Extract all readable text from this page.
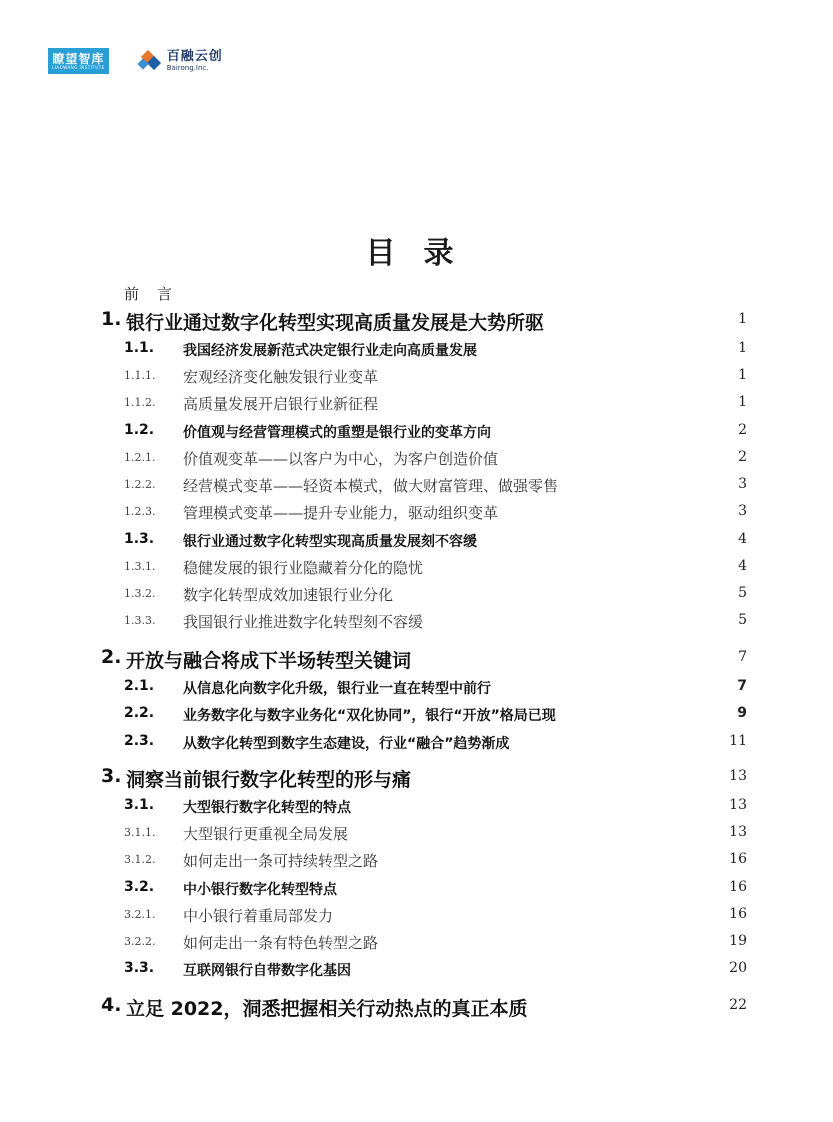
瞭望智库
LIAOWANG INSTITUTE
百融云创
Bairong.Inc.
目录
前言
1. 银行业通过数字化转型实现高质量发展是大势所驱	1
1.1. 我国经济发展新范式决定银行业走向高质量发展	1
1.1.1. 宏观经济变化触发银行业变革	1
1.1.2. 高质量发展开启银行业新征程	1
1.2. 价值观与经营管理模式的重塑是银行业的变革方向	2
1.2.1. 价值观变革——以客户为中心，为客户创造价值	2
1.2.2. 经营模式变革——轻资本模式，做大财富管理、做强零售	3
1.2.3. 管理模式变革——提升专业能力，驱动组织变革	3
1.3. 银行业通过数字化转型实现高质量发展刻不容缓	4
1.3.1. 稳健发展的银行业隐藏着分化的隐忧	4
1.3.2. 数字化转型成效加速银行业分化	5
1.3.3. 我国银行业推进数字化转型刻不容缓	5
2. 开放与融合将成下半场转型关键词	7
2.1. 从信息化向数字化升级，银行业一直在转型中前行	7
2.2. 业务数字化与数字业务化“双化协同”，银行“开放”格局已现	9
2.3. 从数字化转型到数字生态建设，行业“融合”趋势渐成	11
3. 洞察当前银行数字化转型的形与痛	13
3.1. 大型银行数字化转型的特点	13
3.1.1. 大型银行更重视全局发展	13
3.1.2. 如何走出一条可持续转型之路	16
3.2. 中小银行数字化转型特点	16
3.2.1. 中小银行着重局部发力	16
3.2.2. 如何走出一条有特色转型之路	19
3.3. 互联网银行自带数字化基因	20
4. 立足 2022，洞悉把握相关行动热点的真正本质	22
